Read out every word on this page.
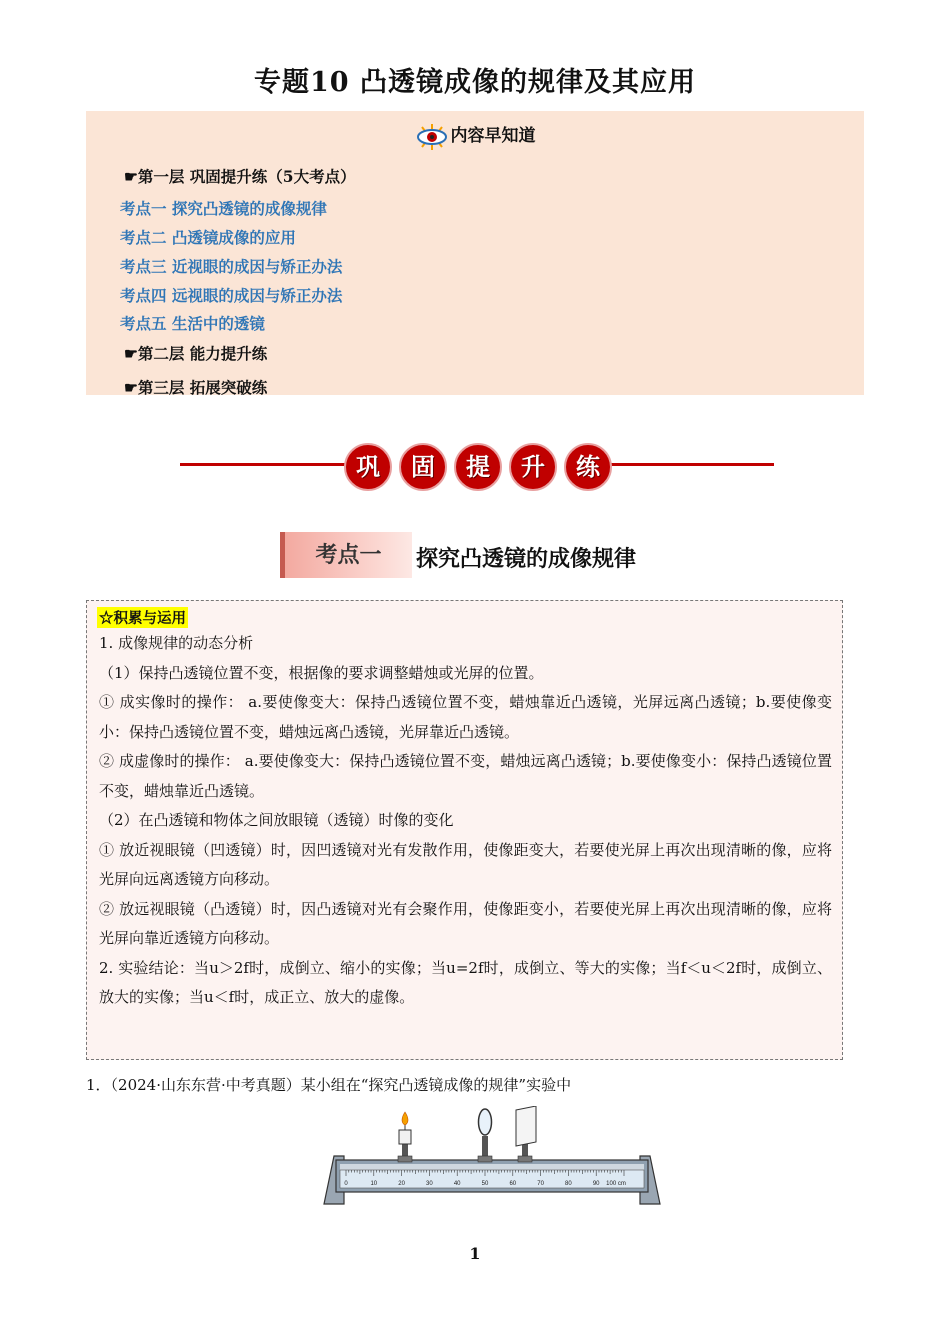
专题10 凸透镜成像的规律及其应用
内容早知道
☛第一层 巩固提升练（5大考点）
考点一 探究凸透镜的成像规律
考点二 凸透镜成像的应用
考点三 近视眼的成因与矫正办法
考点四 远视眼的成因与矫正办法
考点五 生活中的透镜
☛第二层 能力提升练
☛第三层 拓展突破练
巩	固	提	升	练
考点一	探究凸透镜的成像规律
☆积累与运用

1. 成像规律的动态分析

（1）保持凸透镜位置不变，根据像的要求调整蜡烛或光屏的位置。

① 成实像时的操作： a.要使像变大：保持凸透镜位置不变，蜡烛靠近凸透镜，光屏远离凸透镜；b.要使像变小：保持凸透镜位置不变，蜡烛远离凸透镜，光屏靠近凸透镜。

② 成虚像时的操作： a.要使像变大：保持凸透镜位置不变，蜡烛远离凸透镜；b.要使像变小：保持凸透镜位置不变，蜡烛靠近凸透镜。

（2）在凸透镜和物体之间放眼镜（透镜）时像的变化

① 放近视眼镜（凹透镜）时，因凹透镜对光有发散作用，使像距变大，若要使光屏上再次出现清晰的像，应将光屏向远离透镜方向移动。

② 放远视眼镜（凸透镜）时，因凸透镜对光有会聚作用，使像距变小，若要使光屏上再次出现清晰的像，应将光屏向靠近透镜方向移动。

2. 实验结论：当u＞2f时，成倒立、缩小的实像；当u=2f时，成倒立、等大的实像；当f＜u＜2f时，成倒立、放大的实像；当u＜f时，成正立、放大的虚像。

1．（2024·山东东营·中考真题）某小组在“探究凸透镜成像的规律”实验中
0	10	20	30	40	50	60	70	80	90 100 cm
1
